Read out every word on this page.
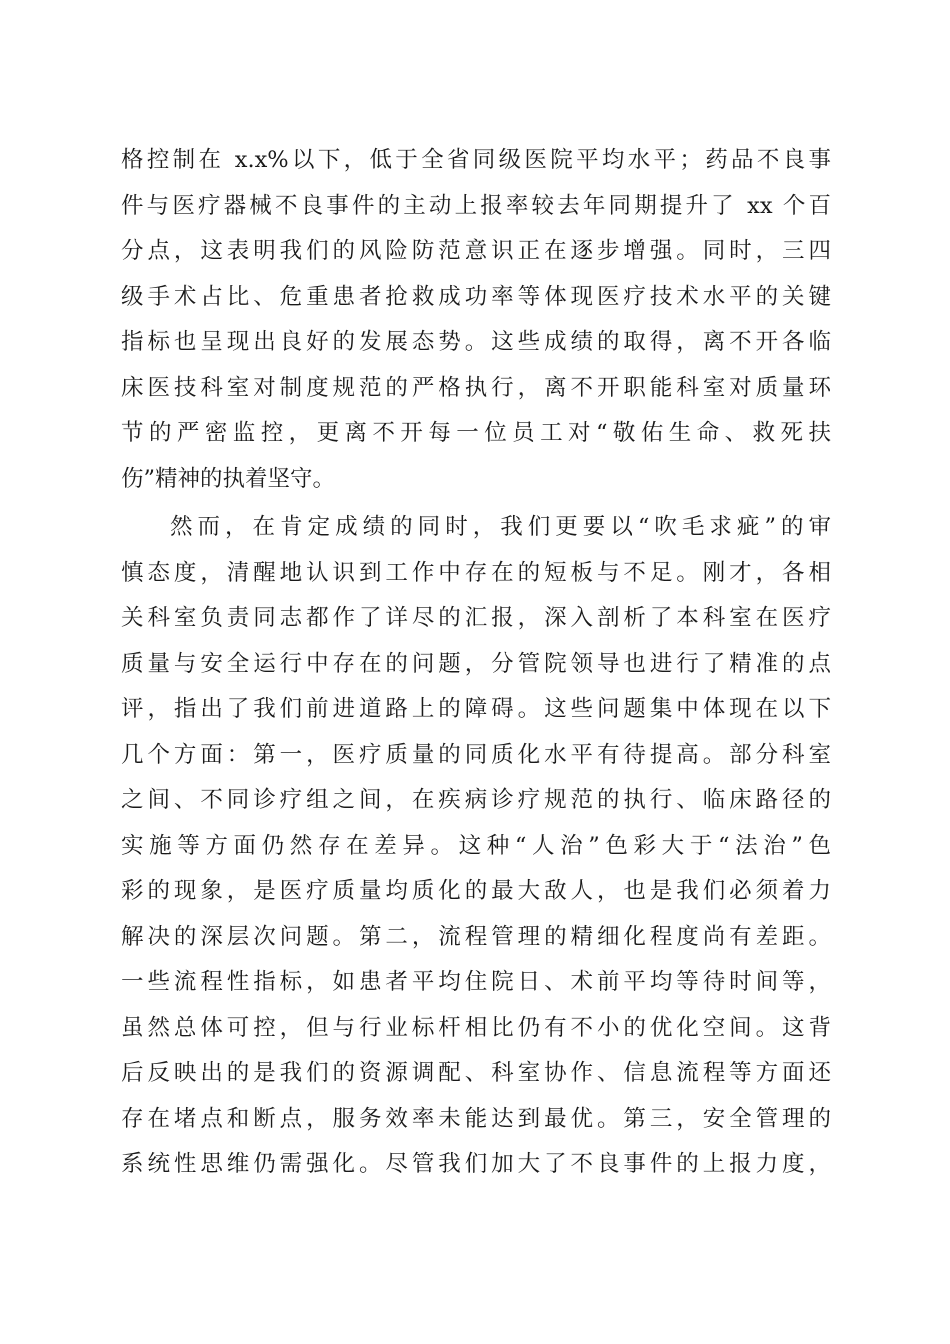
格控制在 x.x%以下，低于全省同级医院平均水平；药品不良事
件与医疗器械不良事件的主动上报率较去年同期提升了 xx 个百
分点，这表明我们的风险防范意识正在逐步增强。同时，三四
级手术占比、危重患者抢救成功率等体现医疗技术水平的关键
指标也呈现出良好的发展态势。这些成绩的取得，离不开各临
床医技科室对制度规范的严格执行，离不开职能科室对质量环
节的严密监控，更离不开每一位员工对“敬佑生命、救死扶
伤”精神的执着坚守。
然而，在肯定成绩的同时，我们更要以“吹毛求疵”的审
慎态度，清醒地认识到工作中存在的短板与不足。刚才，各相
关科室负责同志都作了详尽的汇报，深入剖析了本科室在医疗
质量与安全运行中存在的问题，分管院领导也进行了精准的点
评，指出了我们前进道路上的障碍。这些问题集中体现在以下
几个方面：第一，医疗质量的同质化水平有待提高。部分科室
之间、不同诊疗组之间，在疾病诊疗规范的执行、临床路径的
实施等方面仍然存在差异。这种“人治”色彩大于“法治”色
彩的现象，是医疗质量均质化的最大敌人，也是我们必须着力
解决的深层次问题。第二，流程管理的精细化程度尚有差距。
一些流程性指标，如患者平均住院日、术前平均等待时间等，
虽然总体可控，但与行业标杆相比仍有不小的优化空间。这背
后反映出的是我们的资源调配、科室协作、信息流程等方面还
存在堵点和断点，服务效率未能达到最优。第三，安全管理的
系统性思维仍需强化。尽管我们加大了不良事件的上报力度，
